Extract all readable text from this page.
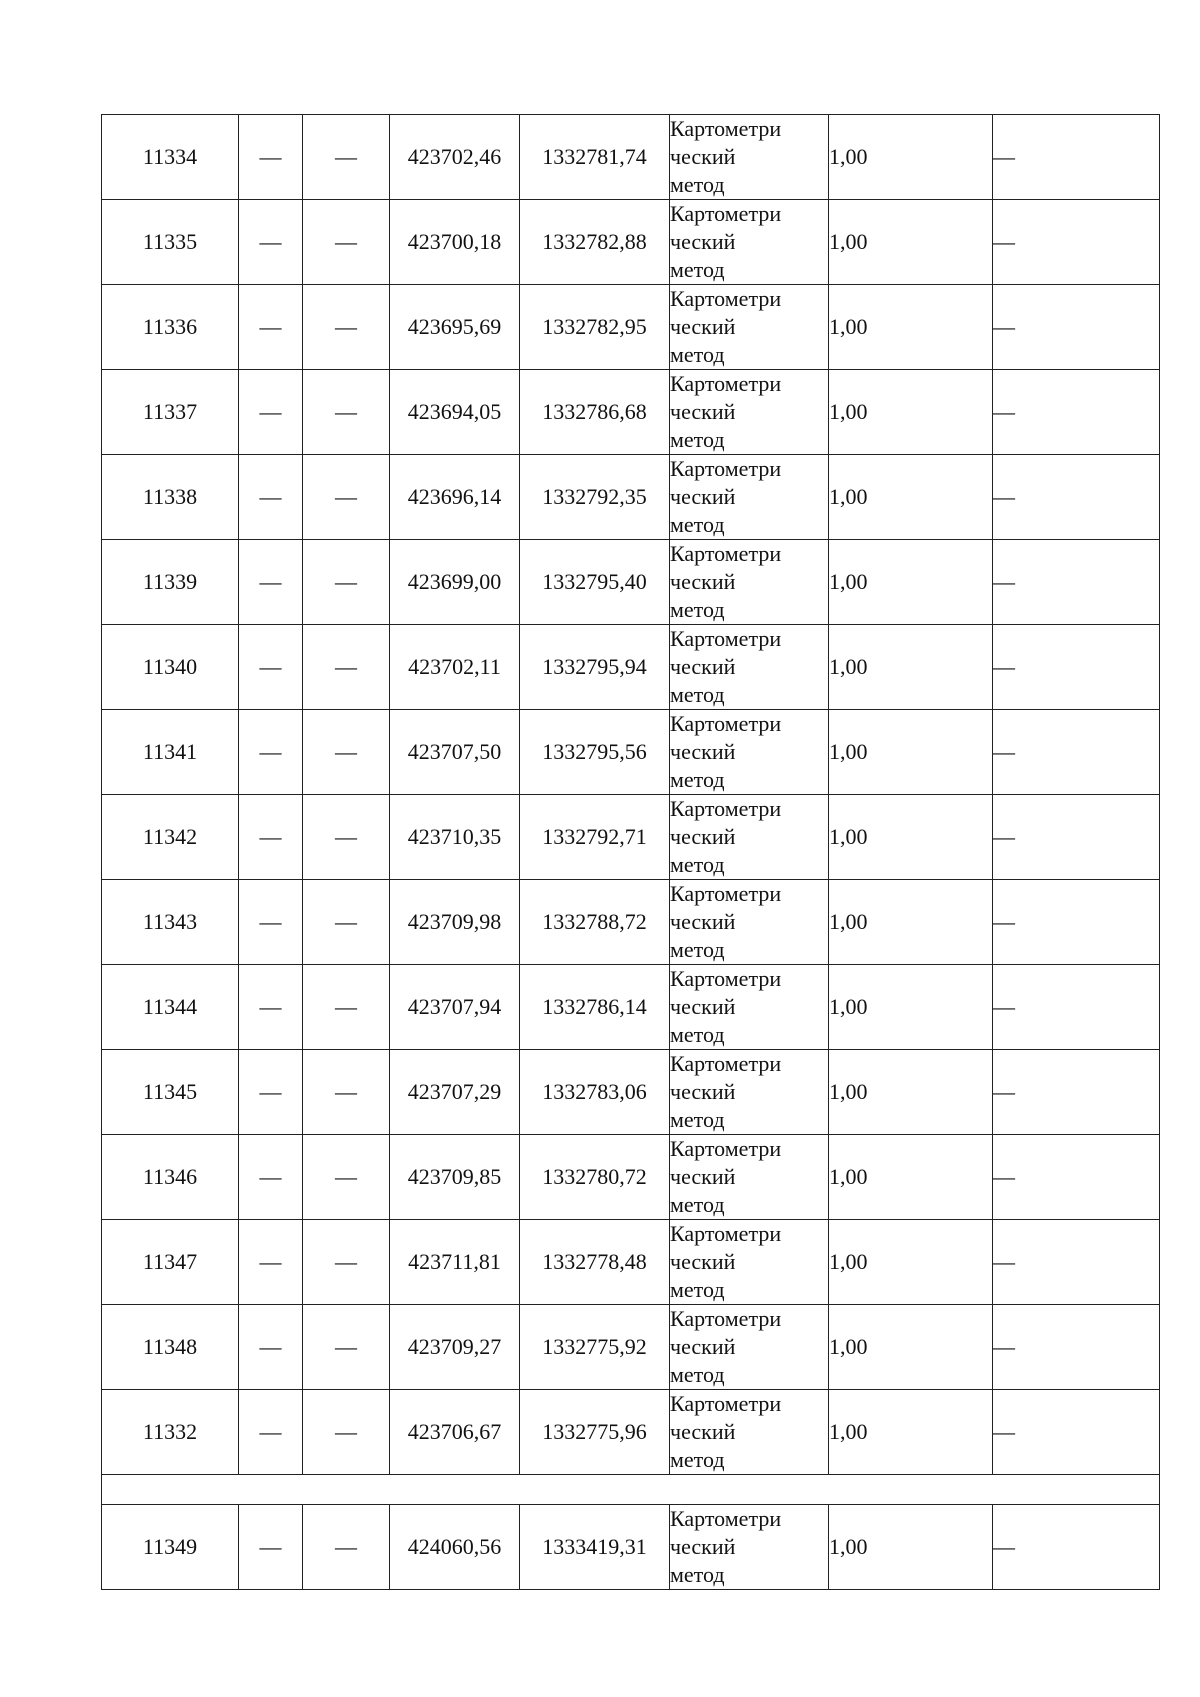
11334	—	—	423702,46	1332781,74	Картометри
ческий
метод	1,00	—
11335	—	—	423700,18	1332782,88	Картометри
ческий
метод	1,00	—
11336	—	—	423695,69	1332782,95	Картометри
ческий
метод	1,00	—
11337	—	—	423694,05	1332786,68	Картометри
ческий
метод	1,00	—
11338	—	—	423696,14	1332792,35	Картометри
ческий
метод	1,00	—
11339	—	—	423699,00	1332795,40	Картометри
ческий
метод	1,00	—
11340	—	—	423702,11	1332795,94	Картометри
ческий
метод	1,00	—
11341	—	—	423707,50	1332795,56	Картометри
ческий
метод	1,00	—
11342	—	—	423710,35	1332792,71	Картометри
ческий
метод	1,00	—
11343	—	—	423709,98	1332788,72	Картометри
ческий
метод	1,00	—
11344	—	—	423707,94	1332786,14	Картометри
ческий
метод	1,00	—
11345	—	—	423707,29	1332783,06	Картометри
ческий
метод	1,00	—
11346	—	—	423709,85	1332780,72	Картометри
ческий
метод	1,00	—
11347	—	—	423711,81	1332778,48	Картометри
ческий
метод	1,00	—
11348	—	—	423709,27	1332775,92	Картометри
ческий
метод	1,00	—
11332	—	—	423706,67	1332775,96	Картометри
ческий
метод	1,00	—

11349	—	—	424060,56	1333419,31	Картометри
ческий
метод	1,00	—
